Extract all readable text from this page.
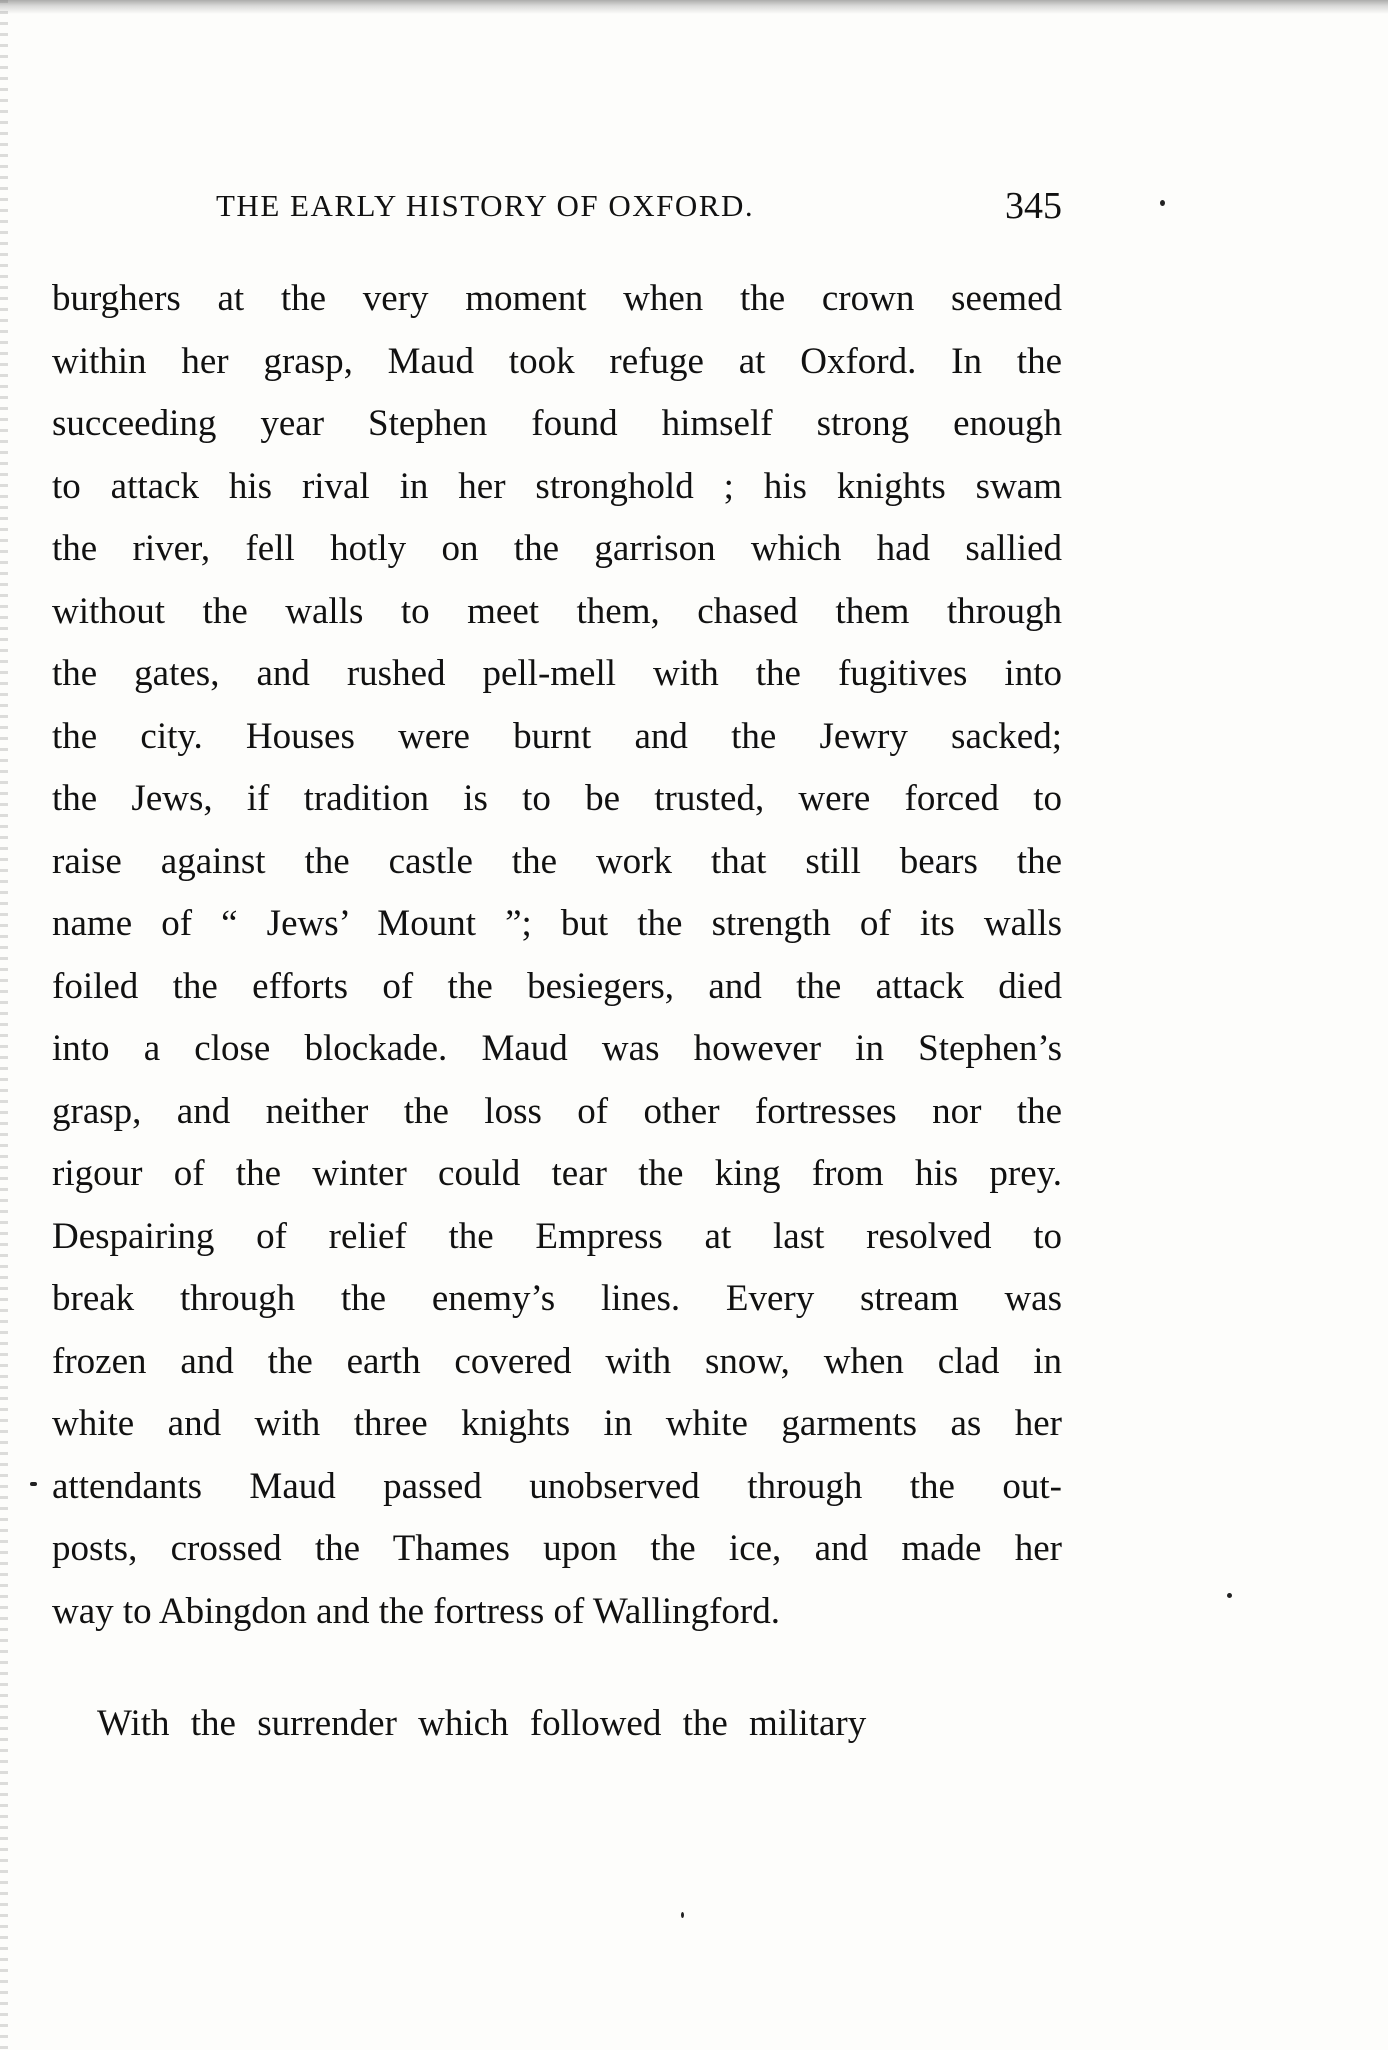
THE EARLY HISTORY OF OXFORD.	345
burghers at the very moment when the crown seemed
within her grasp, Maud took refuge at Oxford. In the
succeeding year Stephen found himself strong enough
to attack his rival in her stronghold ; his knights swam
the river, fell hotly on the garrison which had sallied
without the walls to meet them, chased them through
the gates, and rushed pell-mell with the fugitives into
the city. Houses were burnt and the Jewry sacked;
the Jews, if tradition is to be trusted, were forced to
raise against the castle the work that still bears the
name of “ Jews’ Mount ”; but the strength of its walls
foiled the efforts of the besiegers, and the attack died
into a close blockade. Maud was however in Stephen’s
grasp, and neither the loss of other fortresses nor the
rigour of the winter could tear the king from his prey.
Despairing of relief the Empress at last resolved to
break through the enemy’s lines. Every stream was
frozen and the earth covered with snow, when clad in
white and with three knights in white garments as her
attendants Maud passed unobserved through the out-
posts, crossed the Thames upon the ice, and made her
way to Abingdon and the fortress of Wallingford.
With the surrender which followed the military
